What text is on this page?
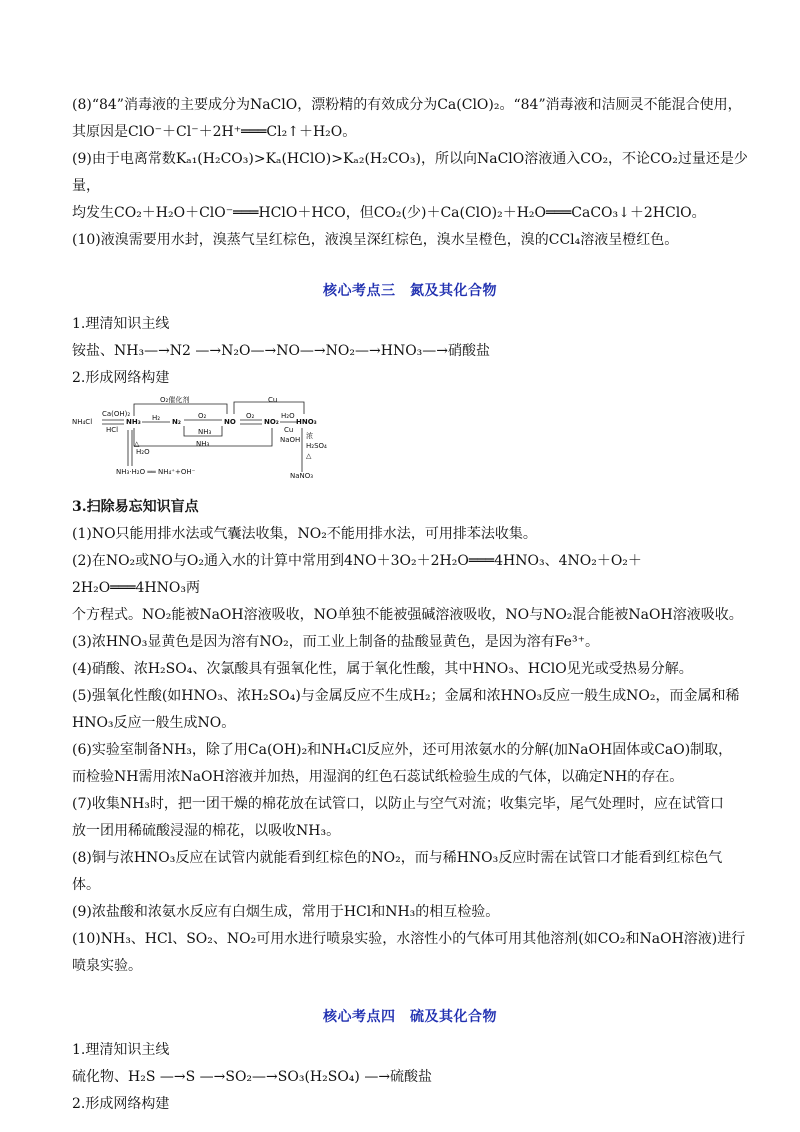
(8)“84”消毒液的主要成分为NaClO，漂粉精的有效成分为Ca(ClO)₂。“84”消毒液和洁厕灵不能混合使用，

其原因是ClO⁻＋Cl⁻＋2H⁺═══Cl₂↑＋H₂O。

(9)由于电离常数Kₐ₁(H₂CO₃)>Kₐ(HClO)>Kₐ₂(H₂CO₃)，所以向NaClO溶液通入CO₂，不论CO₂过量还是少量，

均发生CO₂＋H₂O＋ClO⁻═══HClO＋HCO，但CO₂(少)＋Ca(ClO)₂＋H₂O═══CaCO₃↓＋2HClO。

(10)液溴需要用水封，溴蒸气呈红棕色，液溴呈深红棕色，溴水呈橙色，溴的CCl₄溶液呈橙红色。

核心考点三　氮及其化合物

1.理清知识主线

铵盐、NH₃—→N2 —→N₂O—→NO—→NO₂—→HNO₃—→硝酸盐

2.形成网络构建

NH₄Cl
Ca(OH)₂
HCl
NH₃ H₂ N₂
O₂
NH₃
NO
O₂
NO₂
H₂O
Cu
HNO₃
O₂催化剂	Cu
NH₃
△
H₂O
NaOH 浓
H₂SO₄
△
NaNO₃
NH₃·H₂O ══ NH₄⁺+OH⁻

3.扫除易忘知识盲点

(1)NO只能用排水法或气囊法收集，NO₂不能用排水法，可用排苯法收集。

(2)在NO₂或NO与O₂通入水的计算中常用到4NO＋3O₂＋2H₂O═══4HNO₃、4NO₂＋O₂＋2H₂O═══4HNO₃两

个方程式。NO₂能被NaOH溶液吸收，NO单独不能被强碱溶液吸收，NO与NO₂混合能被NaOH溶液吸收。

(3)浓HNO₃显黄色是因为溶有NO₂，而工业上制备的盐酸显黄色，是因为溶有Fe³⁺。

(4)硝酸、浓H₂SO₄、次氯酸具有强氧化性，属于氧化性酸，其中HNO₃、HClO见光或受热易分解。

(5)强氧化性酸(如HNO₃、浓H₂SO₄)与金属反应不生成H₂；金属和浓HNO₃反应一般生成NO₂，而金属和稀

HNO₃反应一般生成NO。

(6)实验室制备NH₃，除了用Ca(OH)₂和NH₄Cl反应外，还可用浓氨水的分解(加NaOH固体或CaO)制取，

而检验NH需用浓NaOH溶液并加热，用湿润的红色石蕊试纸检验生成的气体，以确定NH的存在。

(7)收集NH₃时，把一团干燥的棉花放在试管口，以防止与空气对流；收集完毕，尾气处理时，应在试管口

放一团用稀硫酸浸湿的棉花，以吸收NH₃。

(8)铜与浓HNO₃反应在试管内就能看到红棕色的NO₂，而与稀HNO₃反应时需在试管口才能看到红棕色气体。

(9)浓盐酸和浓氨水反应有白烟生成，常用于HCl和NH₃的相互检验。

(10)NH₃、HCl、SO₂、NO₂可用水进行喷泉实验，水溶性小的气体可用其他溶剂(如CO₂和NaOH溶液)进行

喷泉实验。

核心考点四　硫及其化合物

1.理清知识主线

硫化物、H₂S —→S —→SO₂—→SO₃(H₂SO₄) —→硫酸盐

2.形成网络构建
